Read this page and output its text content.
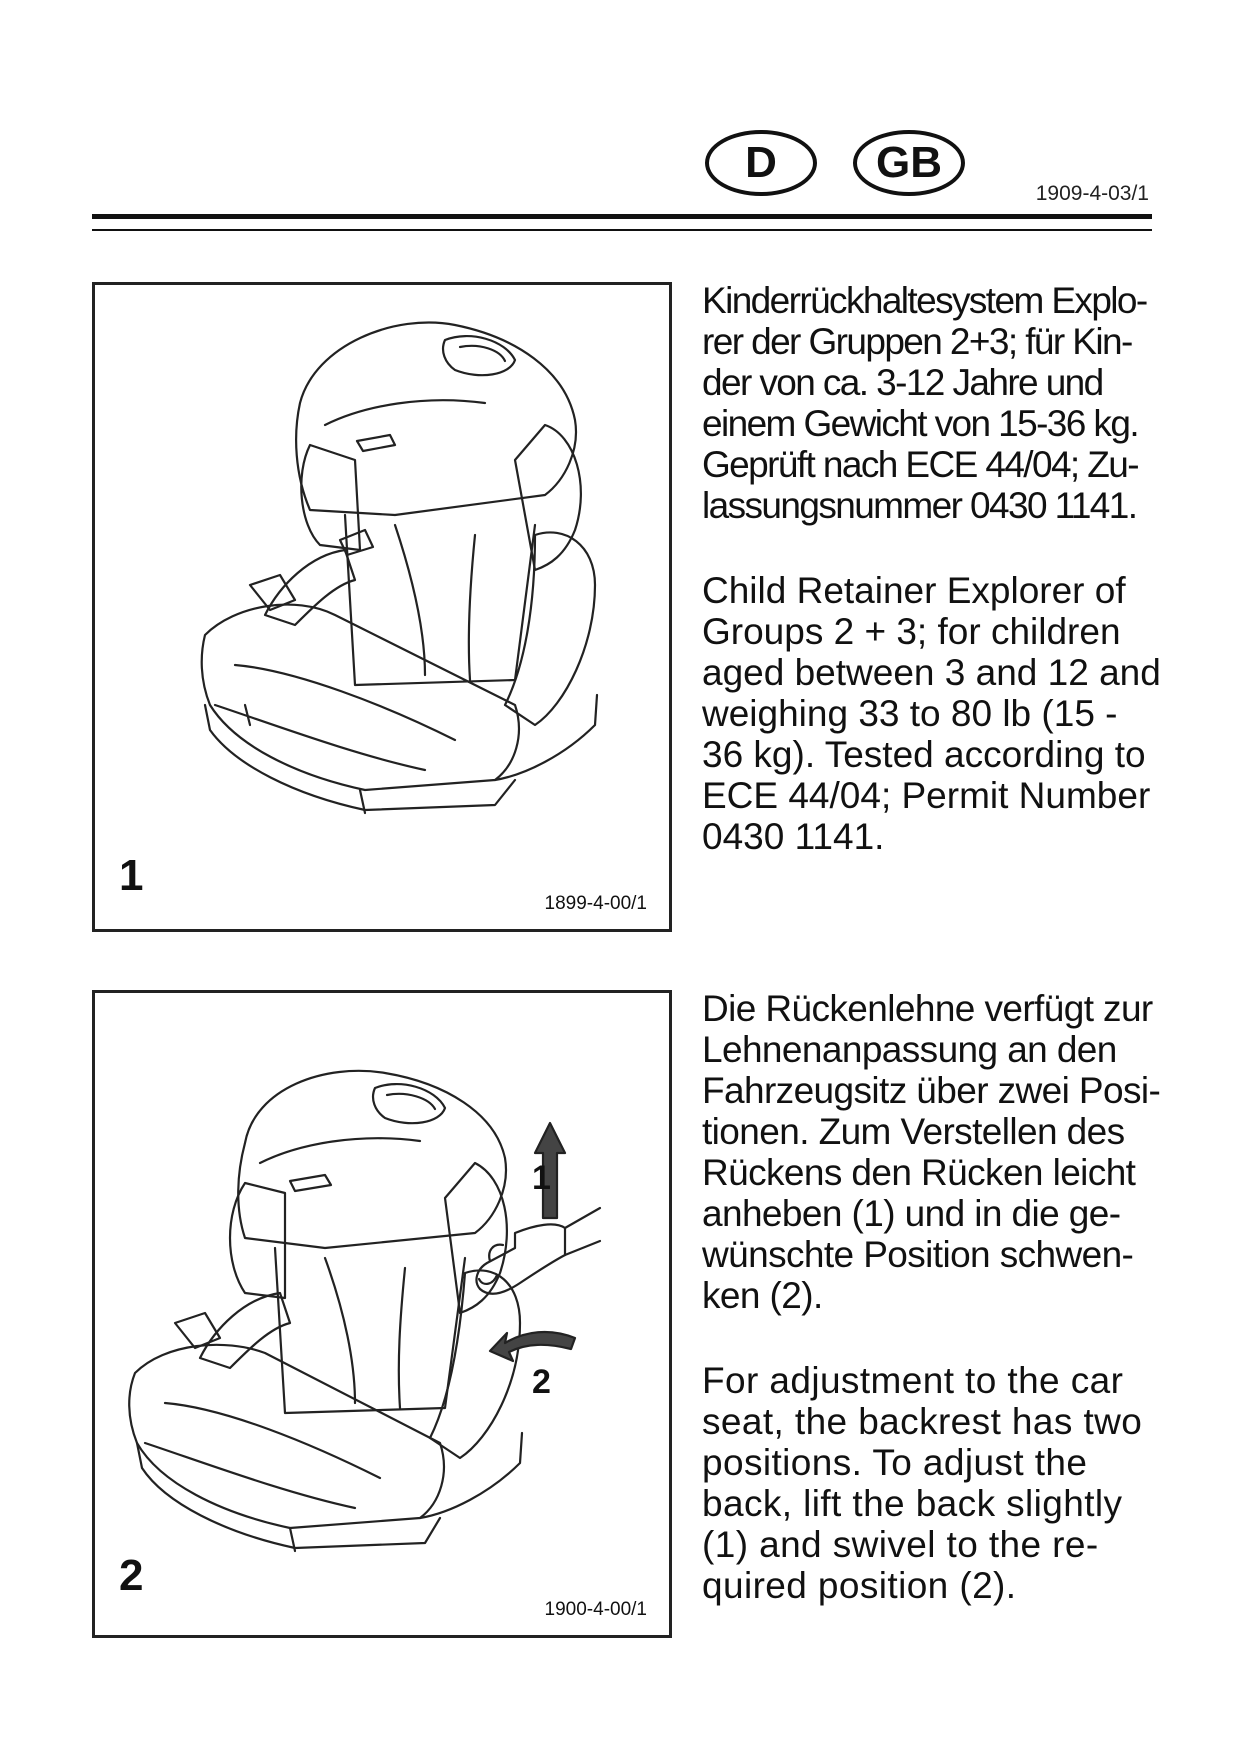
D	GB
1909-4-03/1
1
1899-4-00/1
1
2
2
1900-4-00/1
Kinderrückhaltesystem Explo-
rer der Gruppen 2+3; für Kin-
der von ca. 3-12 Jahre und
einem Gewicht von 15-36 kg.
Geprüft nach ECE 44/04; Zu-
lassungsnummer 0430 1141.
Child Retainer Explorer of
Groups 2 + 3; for children
aged between 3 and 12 and
weighing 33 to 80 lb (15 -
36 kg). Tested according to
ECE 44/04; Permit Number
0430 1141.
Die Rückenlehne verfügt zur
Lehnenanpassung an den
Fahrzeugsitz über zwei Posi-
tionen. Zum Verstellen des
Rückens den Rücken leicht
anheben (1) und in die ge-
wünschte Position schwen-
ken (2).
For adjustment to the car
seat, the backrest has two
positions. To adjust the
back, lift the back slightly
(1) and swivel to the re-
quired position (2).
